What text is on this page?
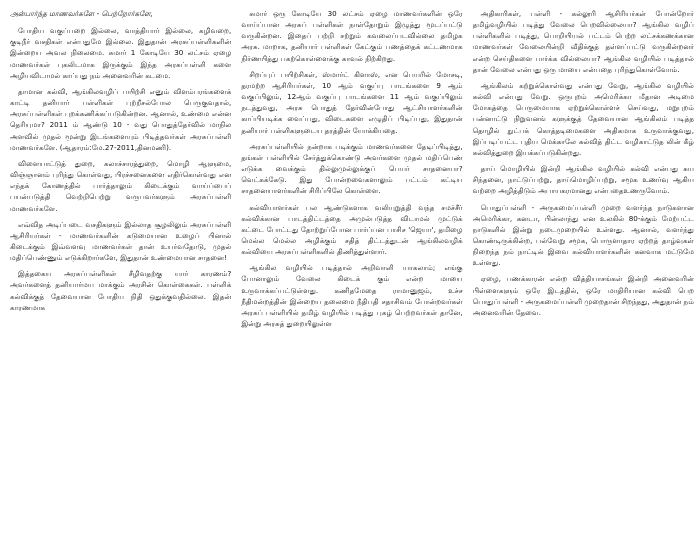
அன்பார்ந்த மாணவர்களே - பெற்றோர்களே,

போதிய வகுப்பறை இல்லை, வாத்தியார் இல்லை, கழிவறை, குடிநீர் வசதிகள் என்பதுமே இல்லை. இதுதான் அரசுப்பள்ளிகளின் இன்றைய அவல நிலைமை. சுமார் 1 கோடியே 30 லட்சம் ஏழை மாணவர்கள் புகலிடமாக இருக்கும் இந்த அரசுப்பள்ளி களை அழியவிடாமல் காப்பது நம் அனைவரின் கடமை.

தாமான கல்வி, ஆங்கிலவழிப் பயிற்சி எனும் விளம்பரங்களைக் காட்டி தனியார் பள்ளிகள் புற்றீசல்போல பெருகுவதால், அரசுப்பள்ளிகள் புறக்கணிக்கப்படுகின்றன. ஆனால், உண்மை என்ன தெரியுமா? 2011 ம் ஆண்டு 10 - வது பொதுத்தேர்வில் மாநில அளவில் முதல் மூன்று இடங்களையும் பிடித்தவர்கள் அரசுப்பள்ளி மாணவர்களே. (ஆதாரம்:மே.27-2011,தினமணி).

விளையாட்டுத் துறை, கலாச்சாரத்துறை, மொழி ஆளுமை, விஞ்ஞானம் புரிந்து கொள்வது, பிரச்சனைகளை எதிர்கொள்வது என எந்தக் கோணத்தில் பார்த்தாலும் கிடைக்கும் வாய்ப்பைப் பயன்படுத்தி வெற்றிபெற்று வருபவர்களும் அரசுப்பள்ளி மாணவர்களே.

எவ்வித அடிப்படை வசதிகளும் இல்லாத சூழலிலும் அரசுப்பள்ளி ஆசிரியர்கள் - மாணவர்களின் கடுமையான உழைப் பினால் கிடைக்கும் இவ்வளவு மாணவர்கள் தான் உயர்வதோடு, முதல் மதிப்பெண்ணும் எடுக்கிறார்களே, இதுதான் உண்மையான சாதனை!

இத்தகைய அரசுப்பள்ளிகள் சீழிவதற்கு யார் காரணம்? அவர்களைத் தனியார்மய மாக்கும் அரசின் கொள்கைகள். பள்ளிக் கல்விக்குத் தேவையான போதிய நிதி ஒதுக்குவதில்லை. இதன் காரணமாக

சுமார் ஒரு கோடியே 30 லட்சம் ஏழை மாணவர்களின் ஒரே வாய்ப்பான அரசுப் பள்ளிகள் நாள்தோறும் இழுத்து மூடப்பட்டு வருகின்றன. இதைப் பற்றி சற்றும் கவலைப்படவில்லை தமிழக அரசு. மாறாக, தனியார் பள்ளிகள் கேட்கும் பணத்தைக் கட்டணமாக நிர்ணயித்து பகற்கொள்ளைக்கு காவல் நிற்கிறது.

சிறப்புப் பயிற்சிகள், ஸ்மார்ட் கிளாஸ், என பெயரில் மோசடி, தரமற்ற ஆசிரியர்கள், 10 ஆம் வகுப்பு பாடங்களை 9 ஆம் வகுப்பிலும், 12ஆம் வகுப்பு பாடங்களை 11 ஆம் வகுப்பிலும் நடத்துவது, அரசு பொதுத் தேர்வின்போது ஆட்சியாளர்களின் காப்பியடிக்க வைப்பது, விடைகளை எழுதிப் பிடிப்பது, இதுதான் தனியார் பள்ளிகளுடைய தரத்தின் யோக்கியதை.

அரசுப்பள்ளியில் நன்றாக படிக்கும் மாணவர்களை தேடிப்பிடித்து, தங்கள் பள்ளியில் சேர்த்துக்கொண்டு அவர்களை முதல் மதிப்பெண் எடுக்க வைக்கும் தில்லுமுல்லுக்குப் பெயர் சாதனையா? வெட்கக்கேடு. இது போன்றவைகளாலும் பட்டம் கட்டிய சாதனையாளர்களின் சிரிப்பிலே கொள்ளை.

கல்வியாளர்கள் பல ஆண்டுகளாக வலியுறுத்தி வந்த சமச்சீர் கல்விக்கான பாடத்திட்டத்தை அமுல்படுத்த விடாமல் முட்டுக் கட்டை போட்டது தோற்றுப்போன பார்ப்பன பாசிச 'ஜெயா', தமிழை மெல்ல மெல்ல அழிக்கும் சதித் திட்டத்துடன் ஆங்கிலவழிக் கல்வியை அரசுப்பள்ளிகளில் திணித்துள்ளார்.

ஆங்கில வழியில் படித்தால் அறிவாளி யாகலாம்; எங்கு போனாலும் வேலை கிடைக் கும் என்ற மாயை உருவாக்கப்பட்டுள்ளது. கணிதமேதை ராமானுஜம், உச்ச நீதிமன்றத்தின் இன்றைய தலைமை நீதிபதி சதாசிவம் போன்றவர்கள் அரசுப் பள்ளியில் தமிழ் வழியில் படித்து புகழ் பெற்றவர்கள் தானே, இன்று அரசுத் துறையிலுள்ள

அதிகாரிகள், பள்ளி - கல்லூரி ஆசிரியர்கள் போன்றோர் தமிழ்வழியில் படித்து வேலை பெறவில்லையா? ஆங்கில வழிப் பள்ளிகளில் படித்து, பொறியியல் பட்டம் பெற்ற லட்சக்கணக்கான மாணவர்கள் வேலையின்றி வீதிக்குத் தள்ளப்பட்டு வருகின்றனர் என்ற செய்திகளை பார்க்க வில்லையா? ஆங்கில வழியில் படித்தால் தான் வேலை என்பது ஒரு மாயை என்பதை புரிந்துகொள்வோம்.

ஆங்கிலம் கற்றுக்கொள்வது என்பது வேறு, ஆங்கில வழியில் கல்வி என்பது வேறு. ஒருபுறம் அமெரிக்கா மீதான அடிமை மோகத்தை பெருமையாக ஏற்றுக்கொள்ளச் செய்வது, மறுபுறம் பன்னாட்டு நிறுவனங் களுக்குத் தேவையான ஆங்கிலம் படித்த தொழில் நுட்பக் கொத்தடிமைகளை அதிகமாக உருவாக்குவது, இப்படிப்பட்ட புதிய மெக்காலே கல்வித் திட்ட வழிகாட்டுத லின் கீழ் கல்வித்துறை இயக்கப்படுகின்றது.

தாய் மொழியில் இன்றி ஆங்கில வழியில் கல்வி என்பது சுய சிந்தனை, நாட்டுப்பற்று, தாய்மொழிப்பற்று, சமூக உணர்வு ஆகிய வற்றை அழித்திடும் அபாயகரமானது என்பதைஉணருவோம்.

பொதுப்பள்ளி - அருகமைப்பள்ளி முறை வளர்ந்த நாடுகளான அமெரிக்கா, கனடா, பின்லாந்து என உலகில் 80-க்கும் மேற்பட்ட நாடுகளில் இன்று நடைமுறையில் உள்ளது. ஆனால், வளர்ந்து கொண்டிருக்கின்ற, பல்வேறு சமூக, பொருளாதார ஏற்றத் தாழ்வுகள் நிறைந்த நம் நாட்டில் இவை கல்வியாளர்களின் கனவாக மட்டுமே உள்ளது.

ஏழை, பணக்காரன் என்ற வித்தியாசங்கள் இன்றி அனைவரின் பிள்ளைகளும் ஒரே இடத்தில், ஒரே மாதிரியான கல்வி பெற பொதுப்பள்ளி - அருகமைப்பள்ளி முறைதான் சிறந்தது, அதுதான் நம் அனைவரின் தேவை.
